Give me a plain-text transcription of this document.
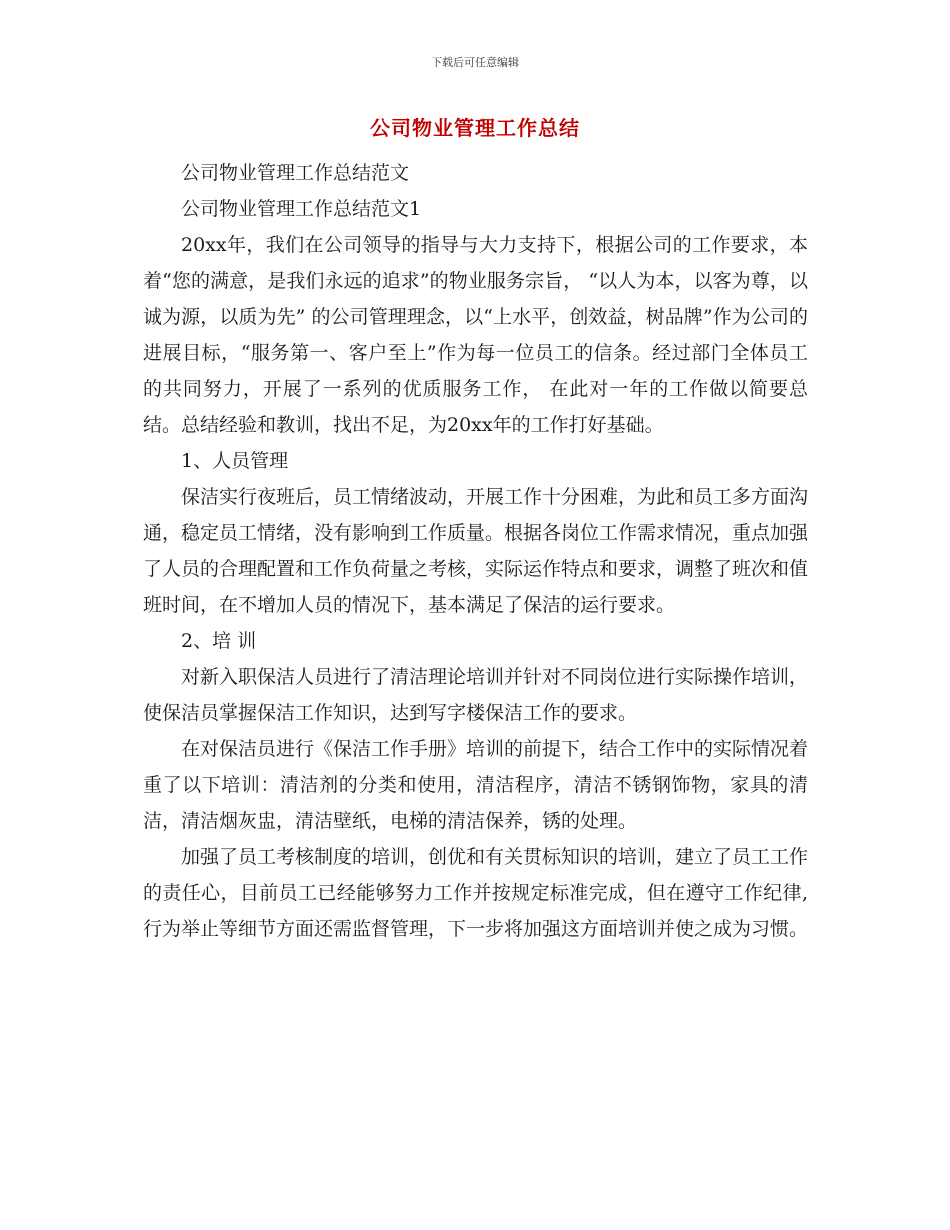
下载后可任意编辑
公司物业管理工作总结

公司物业管理工作总结范文

公司物业管理工作总结范文1

20xx年，我们在公司领导的指导与大力支持下，根据公司的工作要求，本着“您的满意，是我们永远的追求”的物业服务宗旨， “以人为本，以客为尊，以诚为源，以质为先” 的公司管理理念，以“上水平，创效益，树品牌”作为公司的进展目标，“服务第一、客户至上”作为每一位员工的信条。经过部门全体员工的共同努力，开展了一系列的优质服务工作， 在此对一年的工作做以简要总结。总结经验和教训，找出不足，为20xx年的工作打好基础。

1、人员管理

保洁实行夜班后，员工情绪波动，开展工作十分困难，为此和员工多方面沟通，稳定员工情绪，没有影响到工作质量。根据各岗位工作需求情况，重点加强了人员的合理配置和工作负荷量之考核，实际运作特点和要求，调整了班次和值班时间，在不增加人员的情况下，基本满足了保洁的运行要求。

2、培 训

对新入职保洁人员进行了清洁理论培训并针对不同岗位进行实际操作培训，使保洁员掌握保洁工作知识，达到写字楼保洁工作的要求。

在对保洁员进行《保洁工作手册》培训的前提下，结合工作中的实际情况着重了以下培训：清洁剂的分类和使用，清洁程序，清洁不锈钢饰物，家具的清洁，清洁烟灰盅，清洁壁纸，电梯的清洁保养，锈的处理。

加强了员工考核制度的培训，创优和有关贯标知识的培训，建立了员工工作的责任心，目前员工已经能够努力工作并按规定标准完成，但在遵守工作纪律,行为举止等细节方面还需监督管理，下一步将加强这方面培训并使之成为习惯。
